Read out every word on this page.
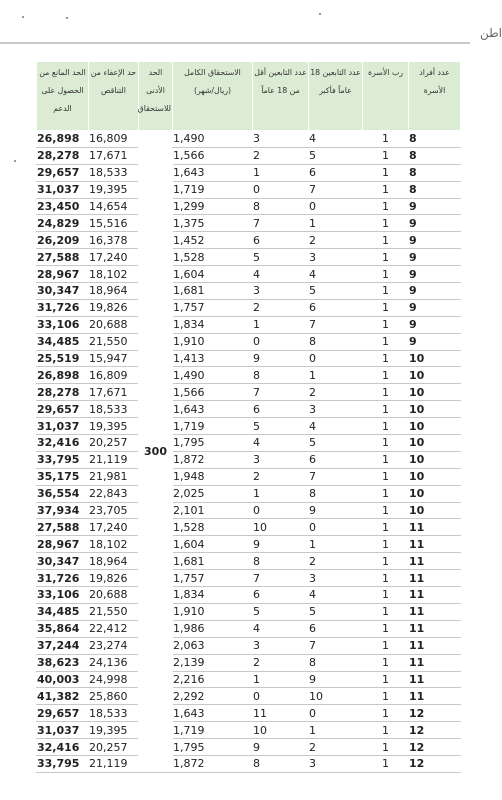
اطن
عدد أفراد الأسرة	رب الأسرة	عدد التابعين 18 عاماً فأكبر	عدد التابعين أقل من 18 عاماً	الاستحقاق الكامل (ريال/شهر)	الحد الأدنى للاستحقاق	حد الإعفاء من التناقص	الحد المانع من الحصول على الدعم
8	1	4	3	1,490	300	16,809	26,898
8	1	5	2	1,566		17,671	28,278
8	1	6	1	1,643		18,533	29,657
8	1	7	0	1,719		19,395	31,037
9	1	0	8	1,299		14,654	23,450
9	1	1	7	1,375		15,516	24,829
9	1	2	6	1,452		16,378	26,209
9	1	3	5	1,528		17,240	27,588
9	1	4	4	1,604		18,102	28,967
9	1	5	3	1,681		18,964	30,347
9	1	6	2	1,757		19,826	31,726
9	1	7	1	1,834		20,688	33,106
9	1	8	0	1,910		21,550	34,485
10	1	0	9	1,413		15,947	25,519
10	1	1	8	1,490		16,809	26,898
10	1	2	7	1,566		17,671	28,278
10	1	3	6	1,643		18,533	29,657
10	1	4	5	1,719		19,395	31,037
10	1	5	4	1,795		20,257	32,416
10	1	6	3	1,872		21,119	33,795
10	1	7	2	1,948		21,981	35,175
10	1	8	1	2,025		22,843	36,554
10	1	9	0	2,101		23,705	37,934
11	1	0	10	1,528		17,240	27,588
11	1	1	9	1,604		18,102	28,967
11	1	2	8	1,681		18,964	30,347
11	1	3	7	1,757		19,826	31,726
11	1	4	6	1,834		20,688	33,106
11	1	5	5	1,910		21,550	34,485
11	1	6	4	1,986		22,412	35,864
11	1	7	3	2,063		23,274	37,244
11	1	8	2	2,139		24,136	38,623
11	1	9	1	2,216		24,998	40,003
11	1	10	0	2,292		25,860	41,382
12	1	0	11	1,643		18,533	29,657
12	1	1	10	1,719		19,395	31,037
12	1	2	9	1,795		20,257	32,416
12	1	3	8	1,872		21,119	33,795
